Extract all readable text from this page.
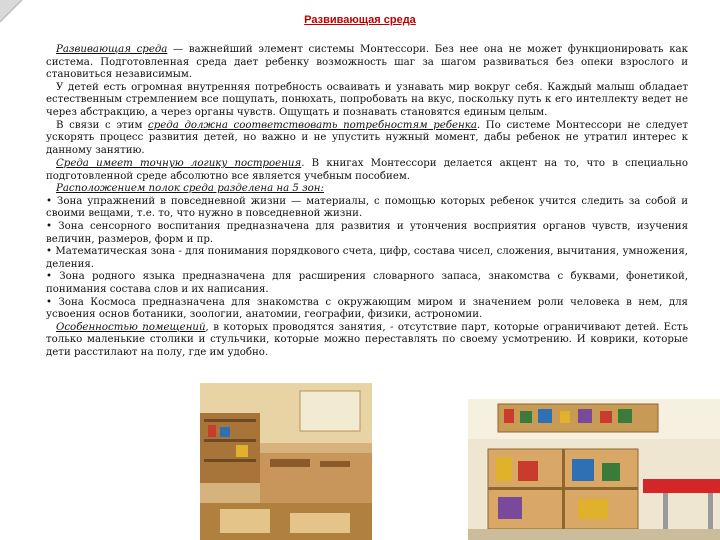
Развивающая среда

Развивающая среда — важнейший элемент системы Монтессори. Без нее она не может функционировать как система. Подготовленная среда дает ребенку возможность шаг за шагом развиваться без опеки взрослого и становиться независимым.

У детей есть огромная внутренняя потребность осваивать и узнавать мир вокруг себя. Каждый малыш обладает естественным стремлением все пощупать, понюхать, попробовать на вкус, поскольку путь к его интеллекту ведет не через абстракцию, а через органы чувств. Ощущать и познавать становятся единым целым.

В связи с этим среда должна соответствовать потребностям ребенка. По системе Монтессори не следует ускорять процесс развития детей, но важно и не упустить нужный момент, дабы ребенок не утратил интерес к данному занятию.

Среда имеет точную логику построения. В книгах Монтессори делается акцент на то, что в специально подготовленной среде абсолютно все является учебным пособием.

Расположением полок среда разделена на 5 зон:

• Зона упражнений в повседневной жизни — материалы, с помощью которых ребенок учится следить за собой и своими вещами, т.е. то, что нужно в повседневной жизни.

• Зона сенсорного воспитания предназначена для развития и утончения восприятия органов чувств, изучения величин, размеров, форм и пр.

• Математическая зона - для понимания порядкового счета, цифр, состава чисел, сложения, вычитания, умножения, деления.

• Зона родного языка предназначена для расширения словарного запаса, знакомства с буквами, фонетикой, понимания состава слов и их написания.

• Зона Космоса предназначена для знакомства с окружающим миром и значением роли человека в нем, для усвоения основ ботаники, зоологии, анатомии, географии, физики, астрономии.

Особенностью помещений, в которых проводятся занятия, - отсутствие парт, которые ограничивают детей. Есть только маленькие столики и стульчики, которые можно переставлять по своему усмотрению. И коврики, которые дети расстилают на полу, где им удобно.
